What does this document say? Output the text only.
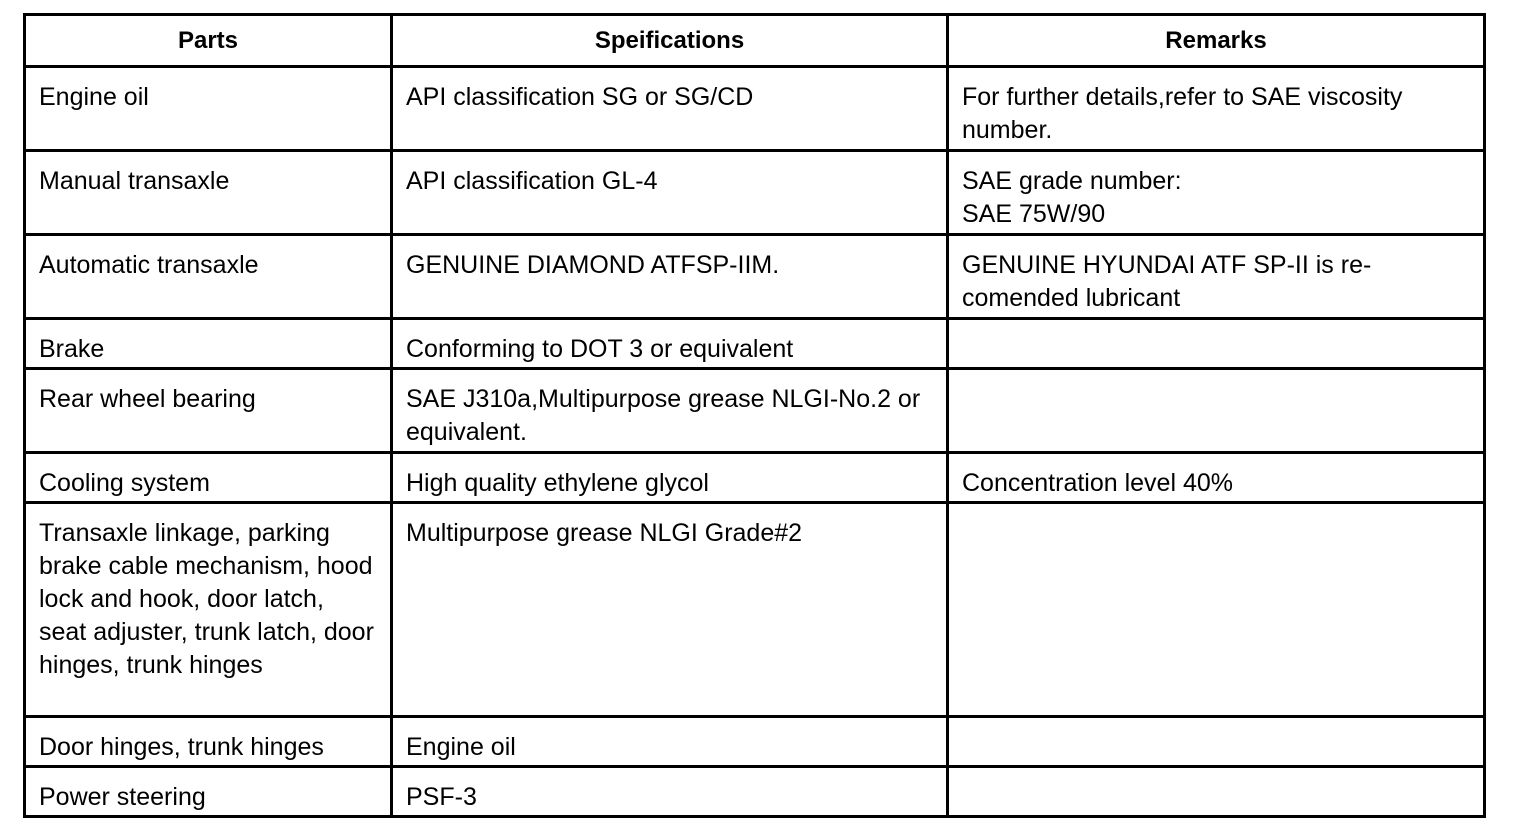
Parts	Speifications	Remarks
Engine oil	API classification SG or SG/CD	For further details,refer to SAE viscosity number.
Manual transaxle	API classification GL-4	SAE grade number:
SAE 75W/90
Automatic transaxle	GENUINE DIAMOND ATFSP-IIM.	GENUINE HYUNDAI ATF SP-II is re-comended lubricant
Brake	Conforming to DOT 3 or equivalent	
Rear wheel bearing	SAE J310a,Multipurpose grease NLGI-No.2 or equivalent.	
Cooling system	High quality ethylene glycol	Concentration level 40%
Transaxle linkage, parking brake cable mechanism, hood lock and hook, door latch, seat adjuster, trunk latch, door hinges, trunk hinges	Multipurpose grease NLGI Grade#2	
Door hinges, trunk hinges	Engine oil	
Power steering	PSF-3	
